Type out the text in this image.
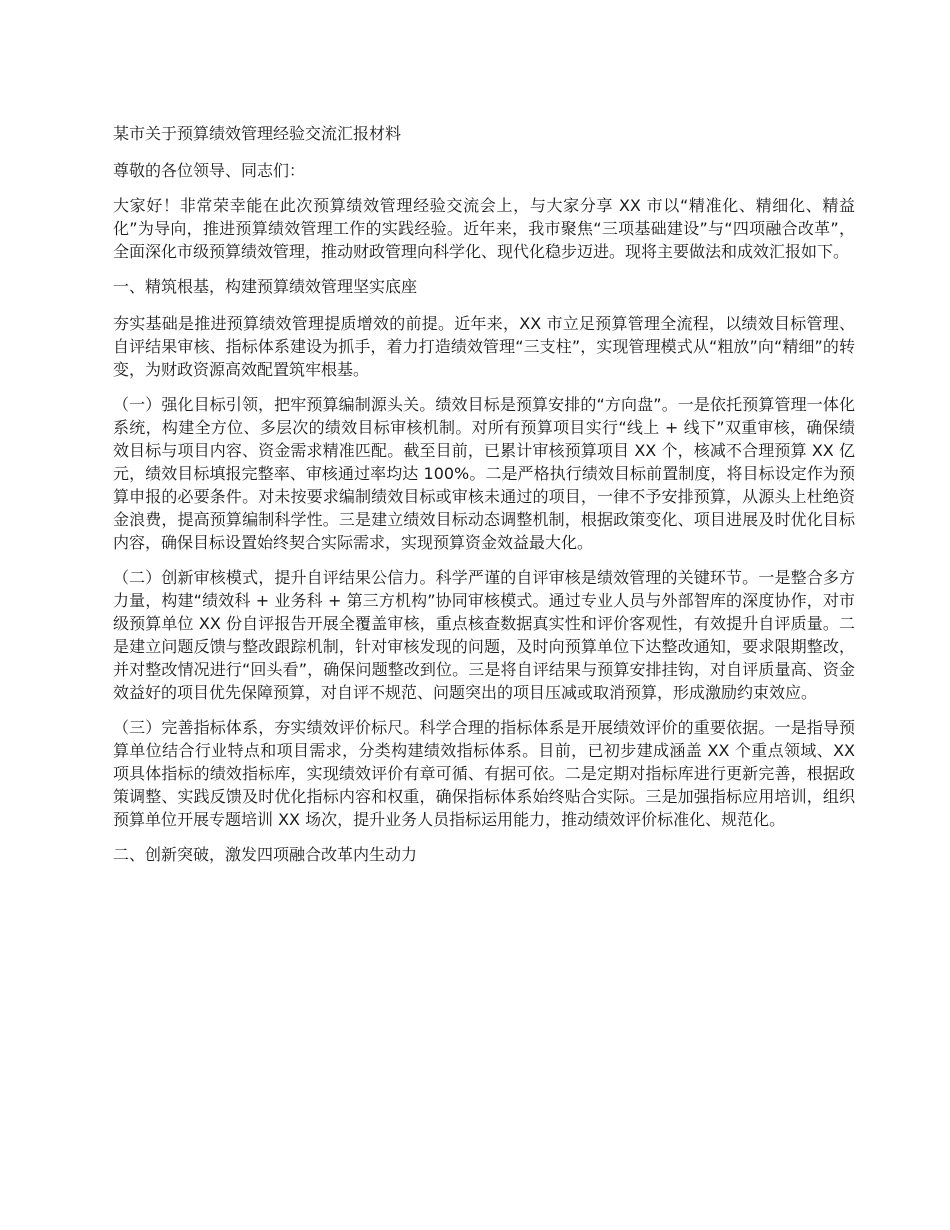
某市关于预算绩效管理经验交流汇报材料

尊敬的各位领导、同志们：

大家好！非常荣幸能在此次预算绩效管理经验交流会上，与大家分享 XX 市以“精准化、精细化、精益化”为导向，推进预算绩效管理工作的实践经验。近年来，我市聚焦“三项基础建设”与“四项融合改革”，全面深化市级预算绩效管理，推动财政管理向科学化、现代化稳步迈进。现将主要做法和成效汇报如下。

一、精筑根基，构建预算绩效管理坚实底座

夯实基础是推进预算绩效管理提质增效的前提。近年来，XX 市立足预算管理全流程，以绩效目标管理、自评结果审核、指标体系建设为抓手，着力打造绩效管理“三支柱”，实现管理模式从“粗放”向“精细”的转变，为财政资源高效配置筑牢根基。

（一）强化目标引领，把牢预算编制源头关。绩效目标是预算安排的“方向盘”。一是依托预算管理一体化系统，构建全方位、多层次的绩效目标审核机制。对所有预算项目实行“线上 + 线下”双重审核，确保绩效目标与项目内容、资金需求精准匹配。截至目前，已累计审核预算项目 XX 个，核减不合理预算 XX 亿元，绩效目标填报完整率、审核通过率均达 100%。二是严格执行绩效目标前置制度，将目标设定作为预算申报的必要条件。对未按要求编制绩效目标或审核未通过的项目，一律不予安排预算，从源头上杜绝资金浪费，提高预算编制科学性。三是建立绩效目标动态调整机制，根据政策变化、项目进展及时优化目标内容，确保目标设置始终契合实际需求，实现预算资金效益最大化。

（二）创新审核模式，提升自评结果公信力。科学严谨的自评审核是绩效管理的关键环节。一是整合多方力量，构建“绩效科 + 业务科 + 第三方机构”协同审核模式。通过专业人员与外部智库的深度协作，对市级预算单位 XX 份自评报告开展全覆盖审核，重点核查数据真实性和评价客观性，有效提升自评质量。二是建立问题反馈与整改跟踪机制，针对审核发现的问题，及时向预算单位下达整改通知，要求限期整改，并对整改情况进行“回头看”，确保问题整改到位。三是将自评结果与预算安排挂钩，对自评质量高、资金效益好的项目优先保障预算，对自评不规范、问题突出的项目压减或取消预算，形成激励约束效应。

（三）完善指标体系，夯实绩效评价标尺。科学合理的指标体系是开展绩效评价的重要依据。一是指导预算单位结合行业特点和项目需求，分类构建绩效指标体系。目前，已初步建成涵盖 XX 个重点领域、XX 项具体指标的绩效指标库，实现绩效评价有章可循、有据可依。二是定期对指标库进行更新完善，根据政策调整、实践反馈及时优化指标内容和权重，确保指标体系始终贴合实际。三是加强指标应用培训，组织预算单位开展专题培训 XX 场次，提升业务人员指标运用能力，推动绩效评价标准化、规范化。

二、创新突破，激发四项融合改革内生动力
